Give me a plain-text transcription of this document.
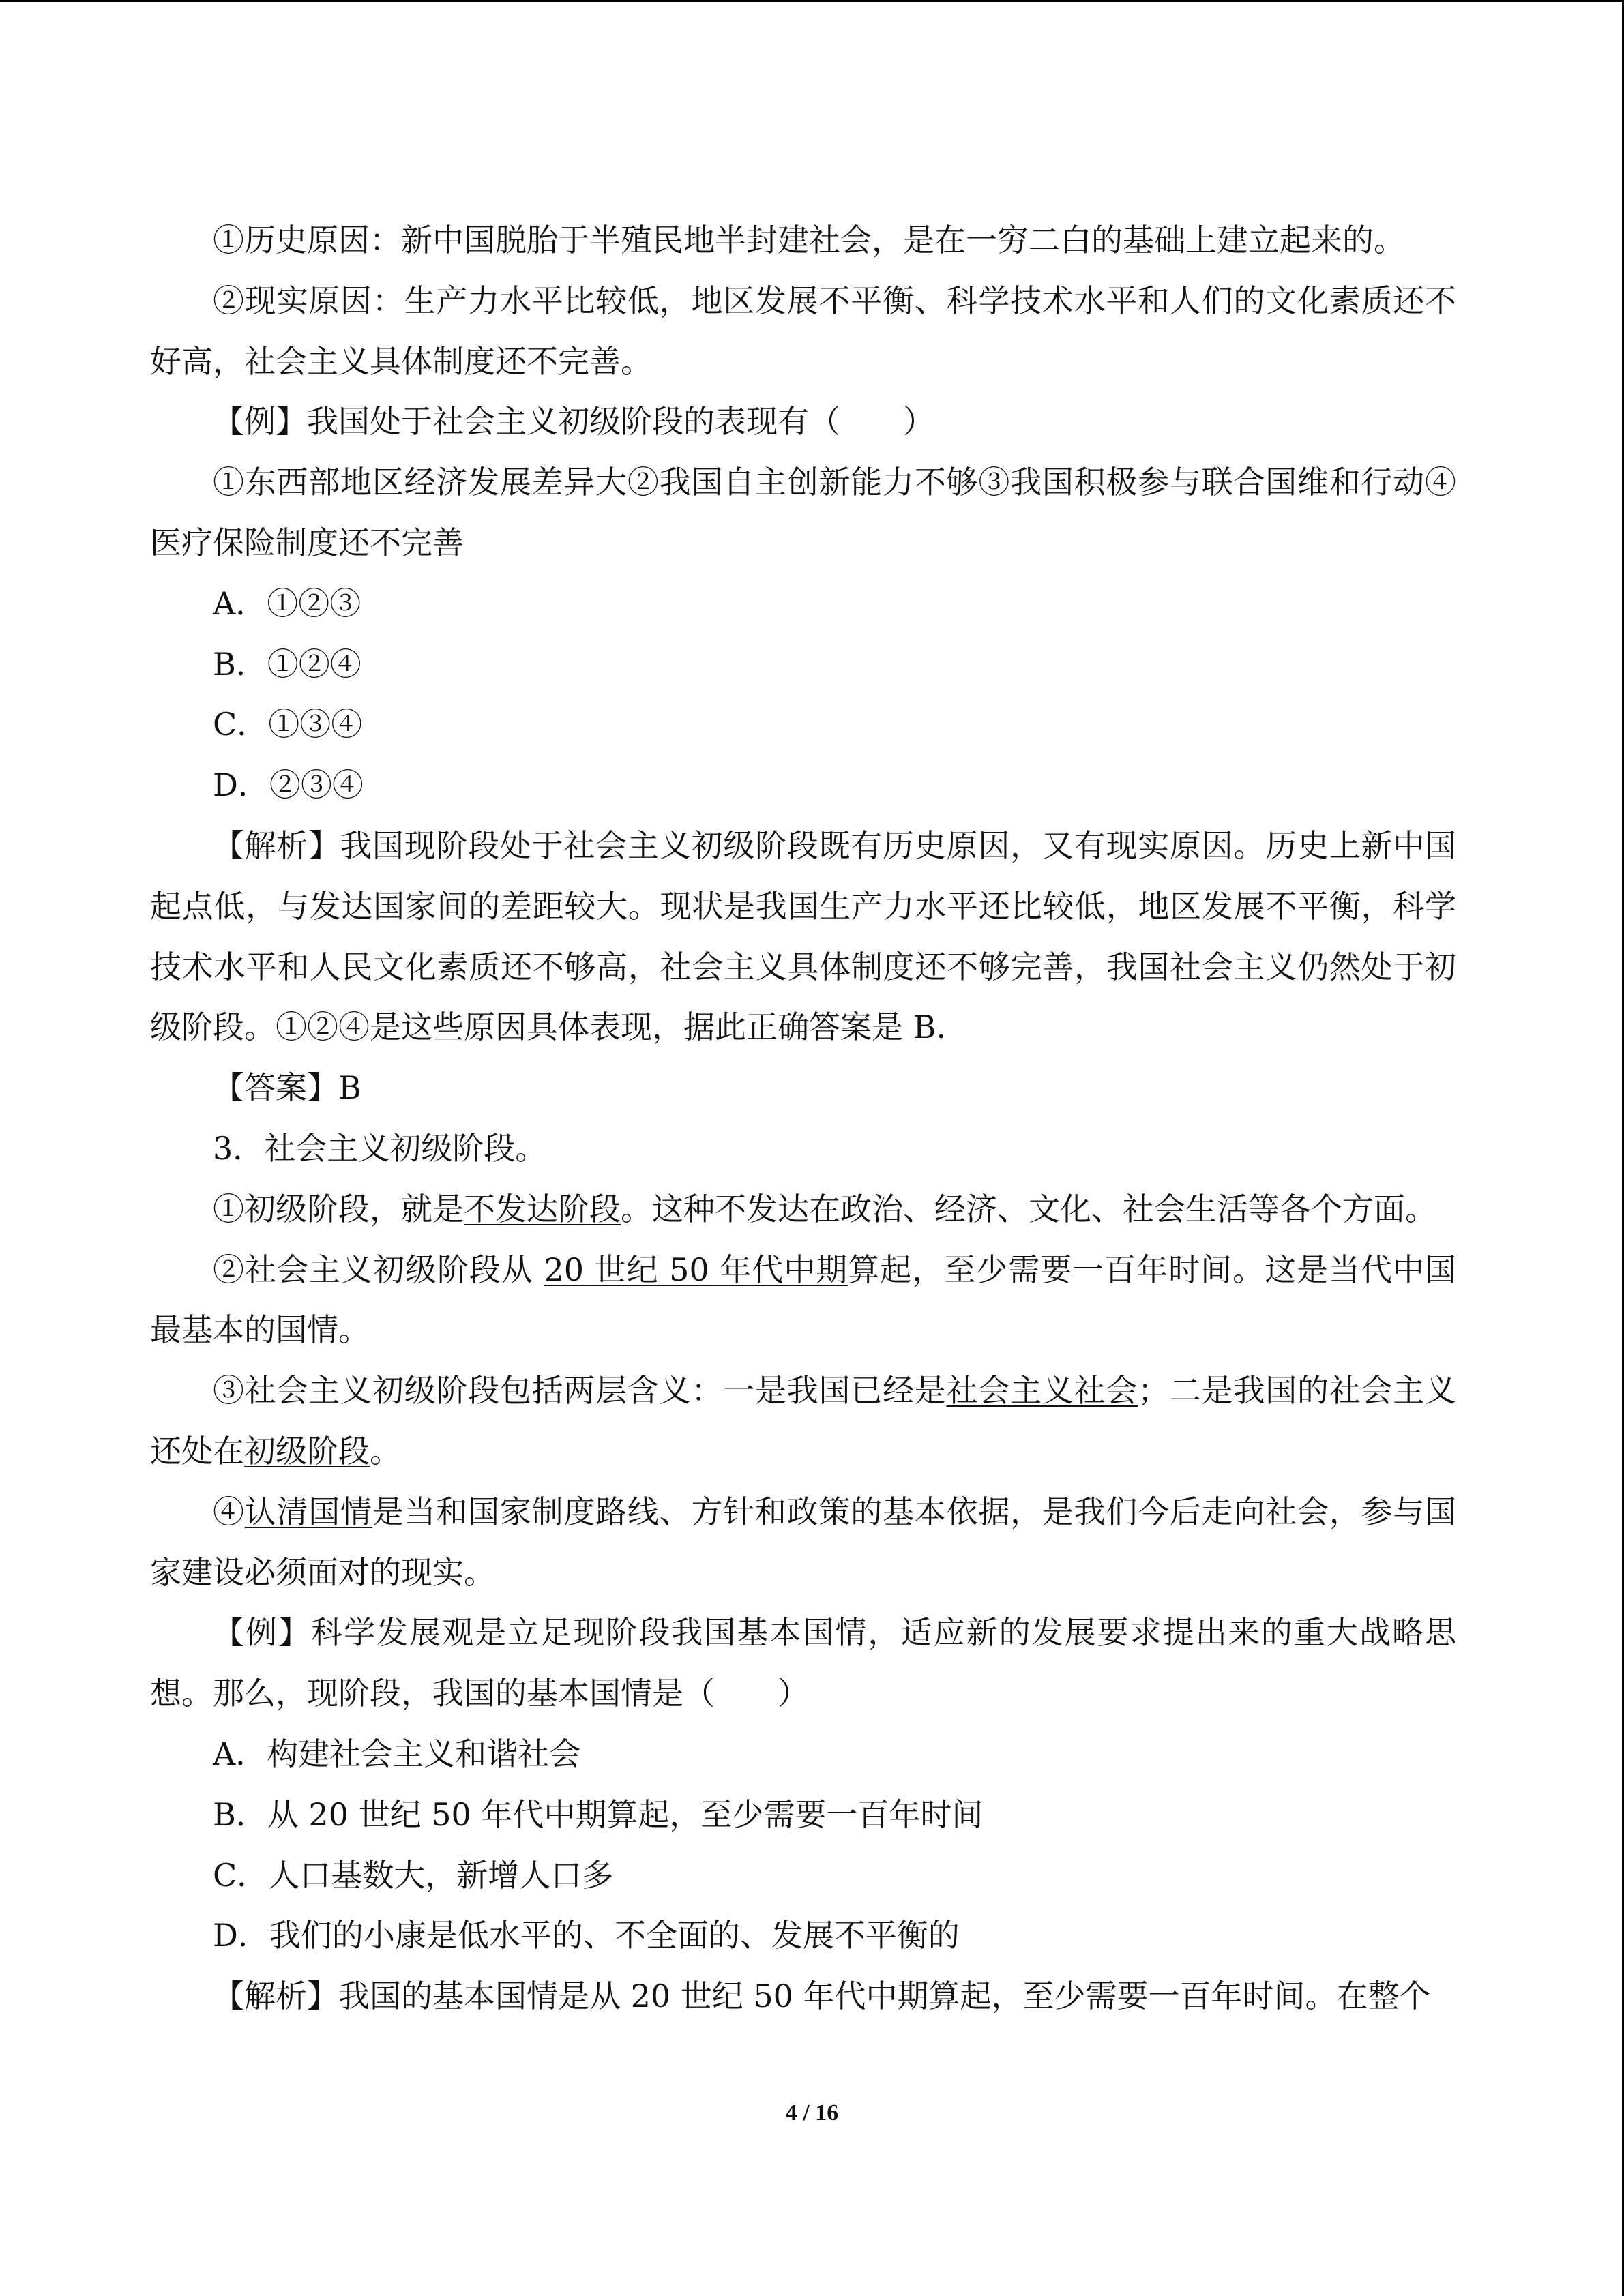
①历史原因：新中国脱胎于半殖民地半封建社会，是在一穷二白的基础上建立起来的。

②现实原因：生产力水平比较低，地区发展不平衡、科学技术水平和人们的文化素质还不好高，社会主义具体制度还不完善。

【例】我国处于社会主义初级阶段的表现有（　　）

①东西部地区经济发展差异大②我国自主创新能力不够③我国积极参与联合国维和行动④医疗保险制度还不完善

A．①②③

B．①②④

C．①③④

D．②③④

【解析】我国现阶段处于社会主义初级阶段既有历史原因，又有现实原因。历史上新中国起点低，与发达国家间的差距较大。现状是我国生产力水平还比较低，地区发展不平衡，科学技术水平和人民文化素质还不够高，社会主义具体制度还不够完善，我国社会主义仍然处于初级阶段。①②④是这些原因具体表现，据此正确答案是 B.

【答案】B

3．社会主义初级阶段。

①初级阶段，就是不发达阶段。这种不发达在政治、经济、文化、社会生活等各个方面。

②社会主义初级阶段从 20 世纪 50 年代中期算起，至少需要一百年时间。这是当代中国最基本的国情。

③社会主义初级阶段包括两层含义：一是我国已经是社会主义社会；二是我国的社会主义还处在初级阶段。

④认清国情是当和国家制度路线、方针和政策的基本依据，是我们今后走向社会，参与国家建设必须面对的现实。

【例】科学发展观是立足现阶段我国基本国情，适应新的发展要求提出来的重大战略思想。那么，现阶段，我国的基本国情是（　　）

A．构建社会主义和谐社会

B．从 20 世纪 50 年代中期算起，至少需要一百年时间

C．人口基数大，新增人口多

D．我们的小康是低水平的、不全面的、发展不平衡的

【解析】我国的基本国情是从 20 世纪 50 年代中期算起，至少需要一百年时间。在整个

4 / 16
